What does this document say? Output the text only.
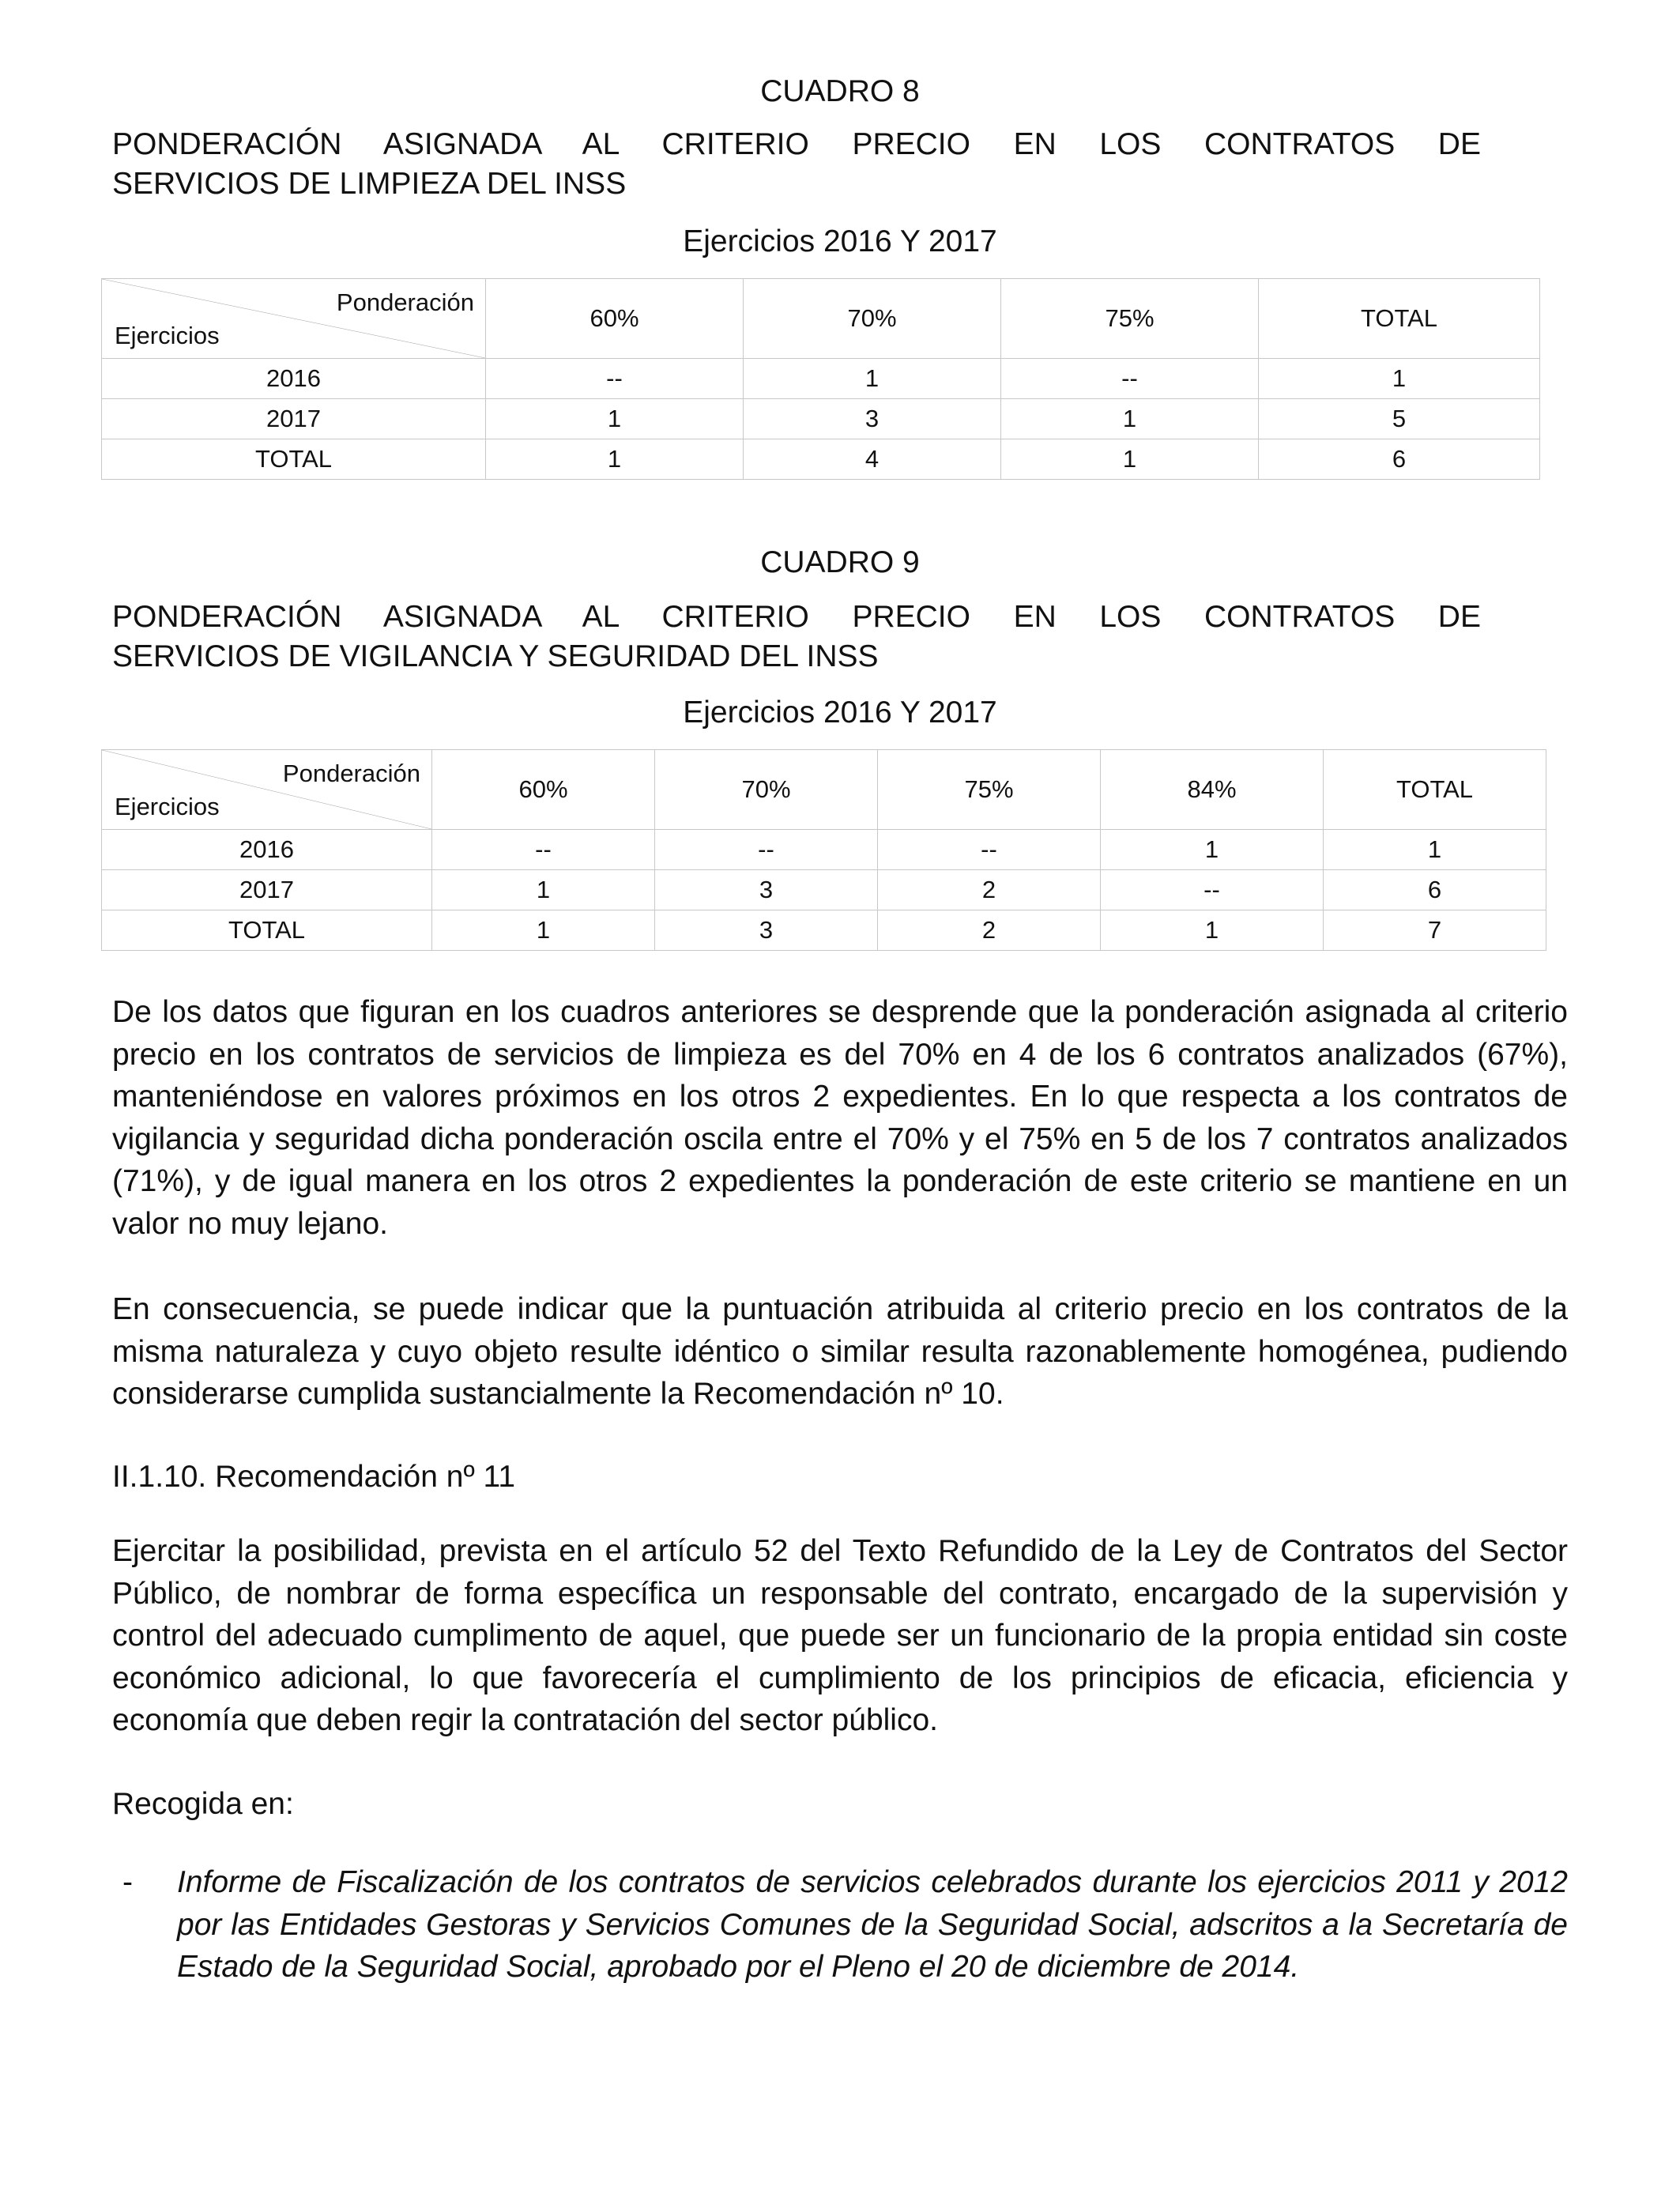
CUADRO 8
PONDERACIÓN ASIGNADA AL CRITERIO PRECIO EN LOS CONTRATOS DE
SERVICIOS DE LIMPIEZA DEL INSS
Ejercicios 2016 Y 2017
Ponderación
Ejercicios	60%	70%	75%	TOTAL
2016	--	1	--	1
2017	1	3	1	5
TOTAL	1	4	1	6
CUADRO 9
PONDERACIÓN ASIGNADA AL CRITERIO PRECIO EN LOS CONTRATOS DE
SERVICIOS DE VIGILANCIA Y SEGURIDAD DEL INSS
Ejercicios 2016 Y 2017
Ponderación
Ejercicios	60%	70%	75%	84%	TOTAL
2016	--	--	--	1	1
2017	1	3	2	--	6
TOTAL	1	3	2	1	7
De los datos que figuran en los cuadros anteriores se desprende que la ponderación asignada al criterio precio en los contratos de servicios de limpieza es del 70% en 4 de los 6 contratos analizados (67%), manteniéndose en valores próximos en los otros 2 expedientes. En lo que respecta a los contratos de vigilancia y seguridad dicha ponderación oscila entre el 70% y el 75% en 5 de los 7 contratos analizados (71%), y de igual manera en los otros 2 expedientes la ponderación de este criterio se mantiene en un valor no muy lejano.
En consecuencia, se puede indicar que la puntuación atribuida al criterio precio en los contratos de la misma naturaleza y cuyo objeto resulte idéntico o similar resulta razonablemente homogénea, pudiendo considerarse cumplida sustancialmente la Recomendación nº 10.
II.1.10. Recomendación nº 11
Ejercitar la posibilidad, prevista en el artículo 52 del Texto Refundido de la Ley de Contratos del Sector Público, de nombrar de forma específica un responsable del contrato, encargado de la supervisión y control del adecuado cumplimento de aquel, que puede ser un funcionario de la propia entidad sin coste económico adicional, lo que favorecería el cumplimiento de los principios de eficacia, eficiencia y economía que deben regir la contratación del sector público.
Recogida en:
- Informe de Fiscalización de los contratos de servicios celebrados durante los ejercicios 2011 y 2012 por las Entidades Gestoras y Servicios Comunes de la Seguridad Social, adscritos a la Secretaría de Estado de la Seguridad Social, aprobado por el Pleno el 20 de diciembre de 2014.
